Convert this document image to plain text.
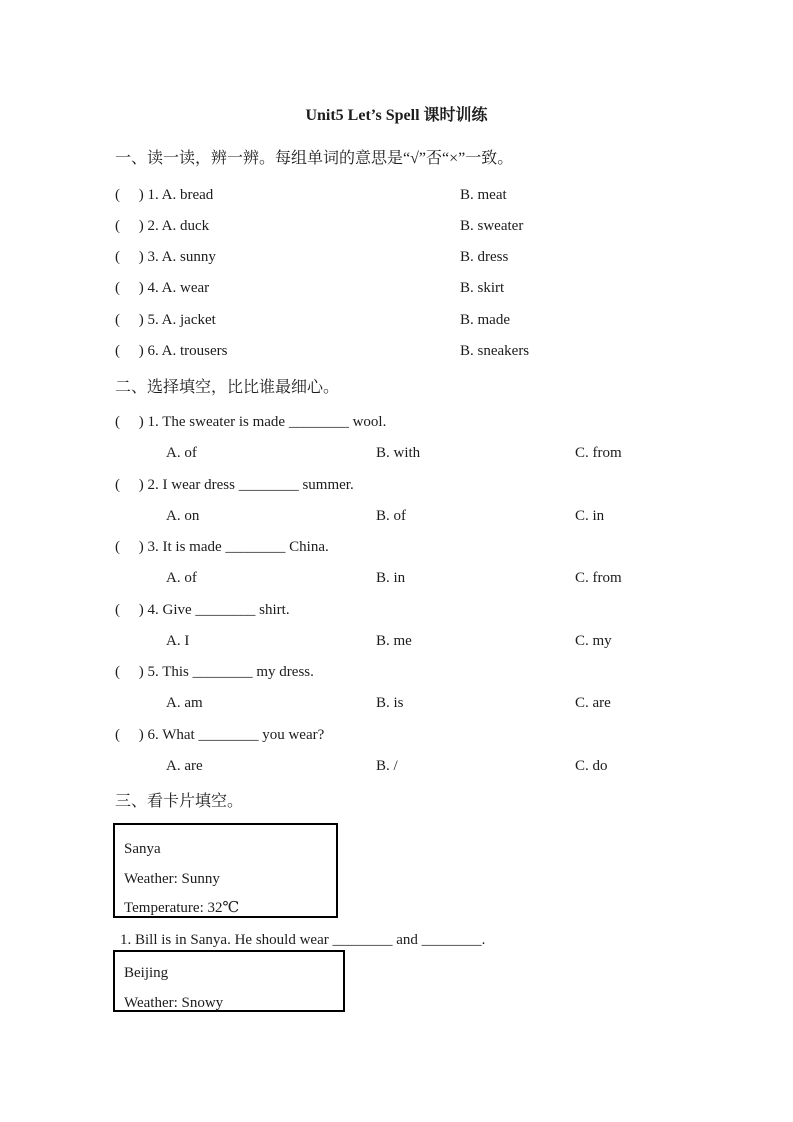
Unit5 Let’s Spell 课时训练
一、读一读，辨一辨。每组单词的意思是“√”否“×”一致。
(     ) 1. A. bread	B. meat
(     ) 2. A. duck	B. sweater
(     ) 3. A. sunny	B. dress
(     ) 4. A. wear	B. skirt
(     ) 5. A. jacket	B. made
(     ) 6. A. trousers	B. sneakers
二、选择填空，比比谁最细心。
(     ) 1. The sweater is made ________ wool.
A. of	B. with	C. from
(     ) 2. I wear dress ________ summer.
A. on	B. of	C. in
(     ) 3. It is made ________ China.
A. of	B. in	C. from
(     ) 4. Give ________ shirt.
A. I	B. me	C. my
(     ) 5. This ________ my dress.
A. am	B. is	C. are
(     ) 6. What ________ you wear?
A. are	B. /	C. do
三、看卡片填空。
Sanya
Weather: Sunny
Temperature: 32℃
1. Bill is in Sanya. He should wear ________ and ________.
Beijing
Weather: Snowy
